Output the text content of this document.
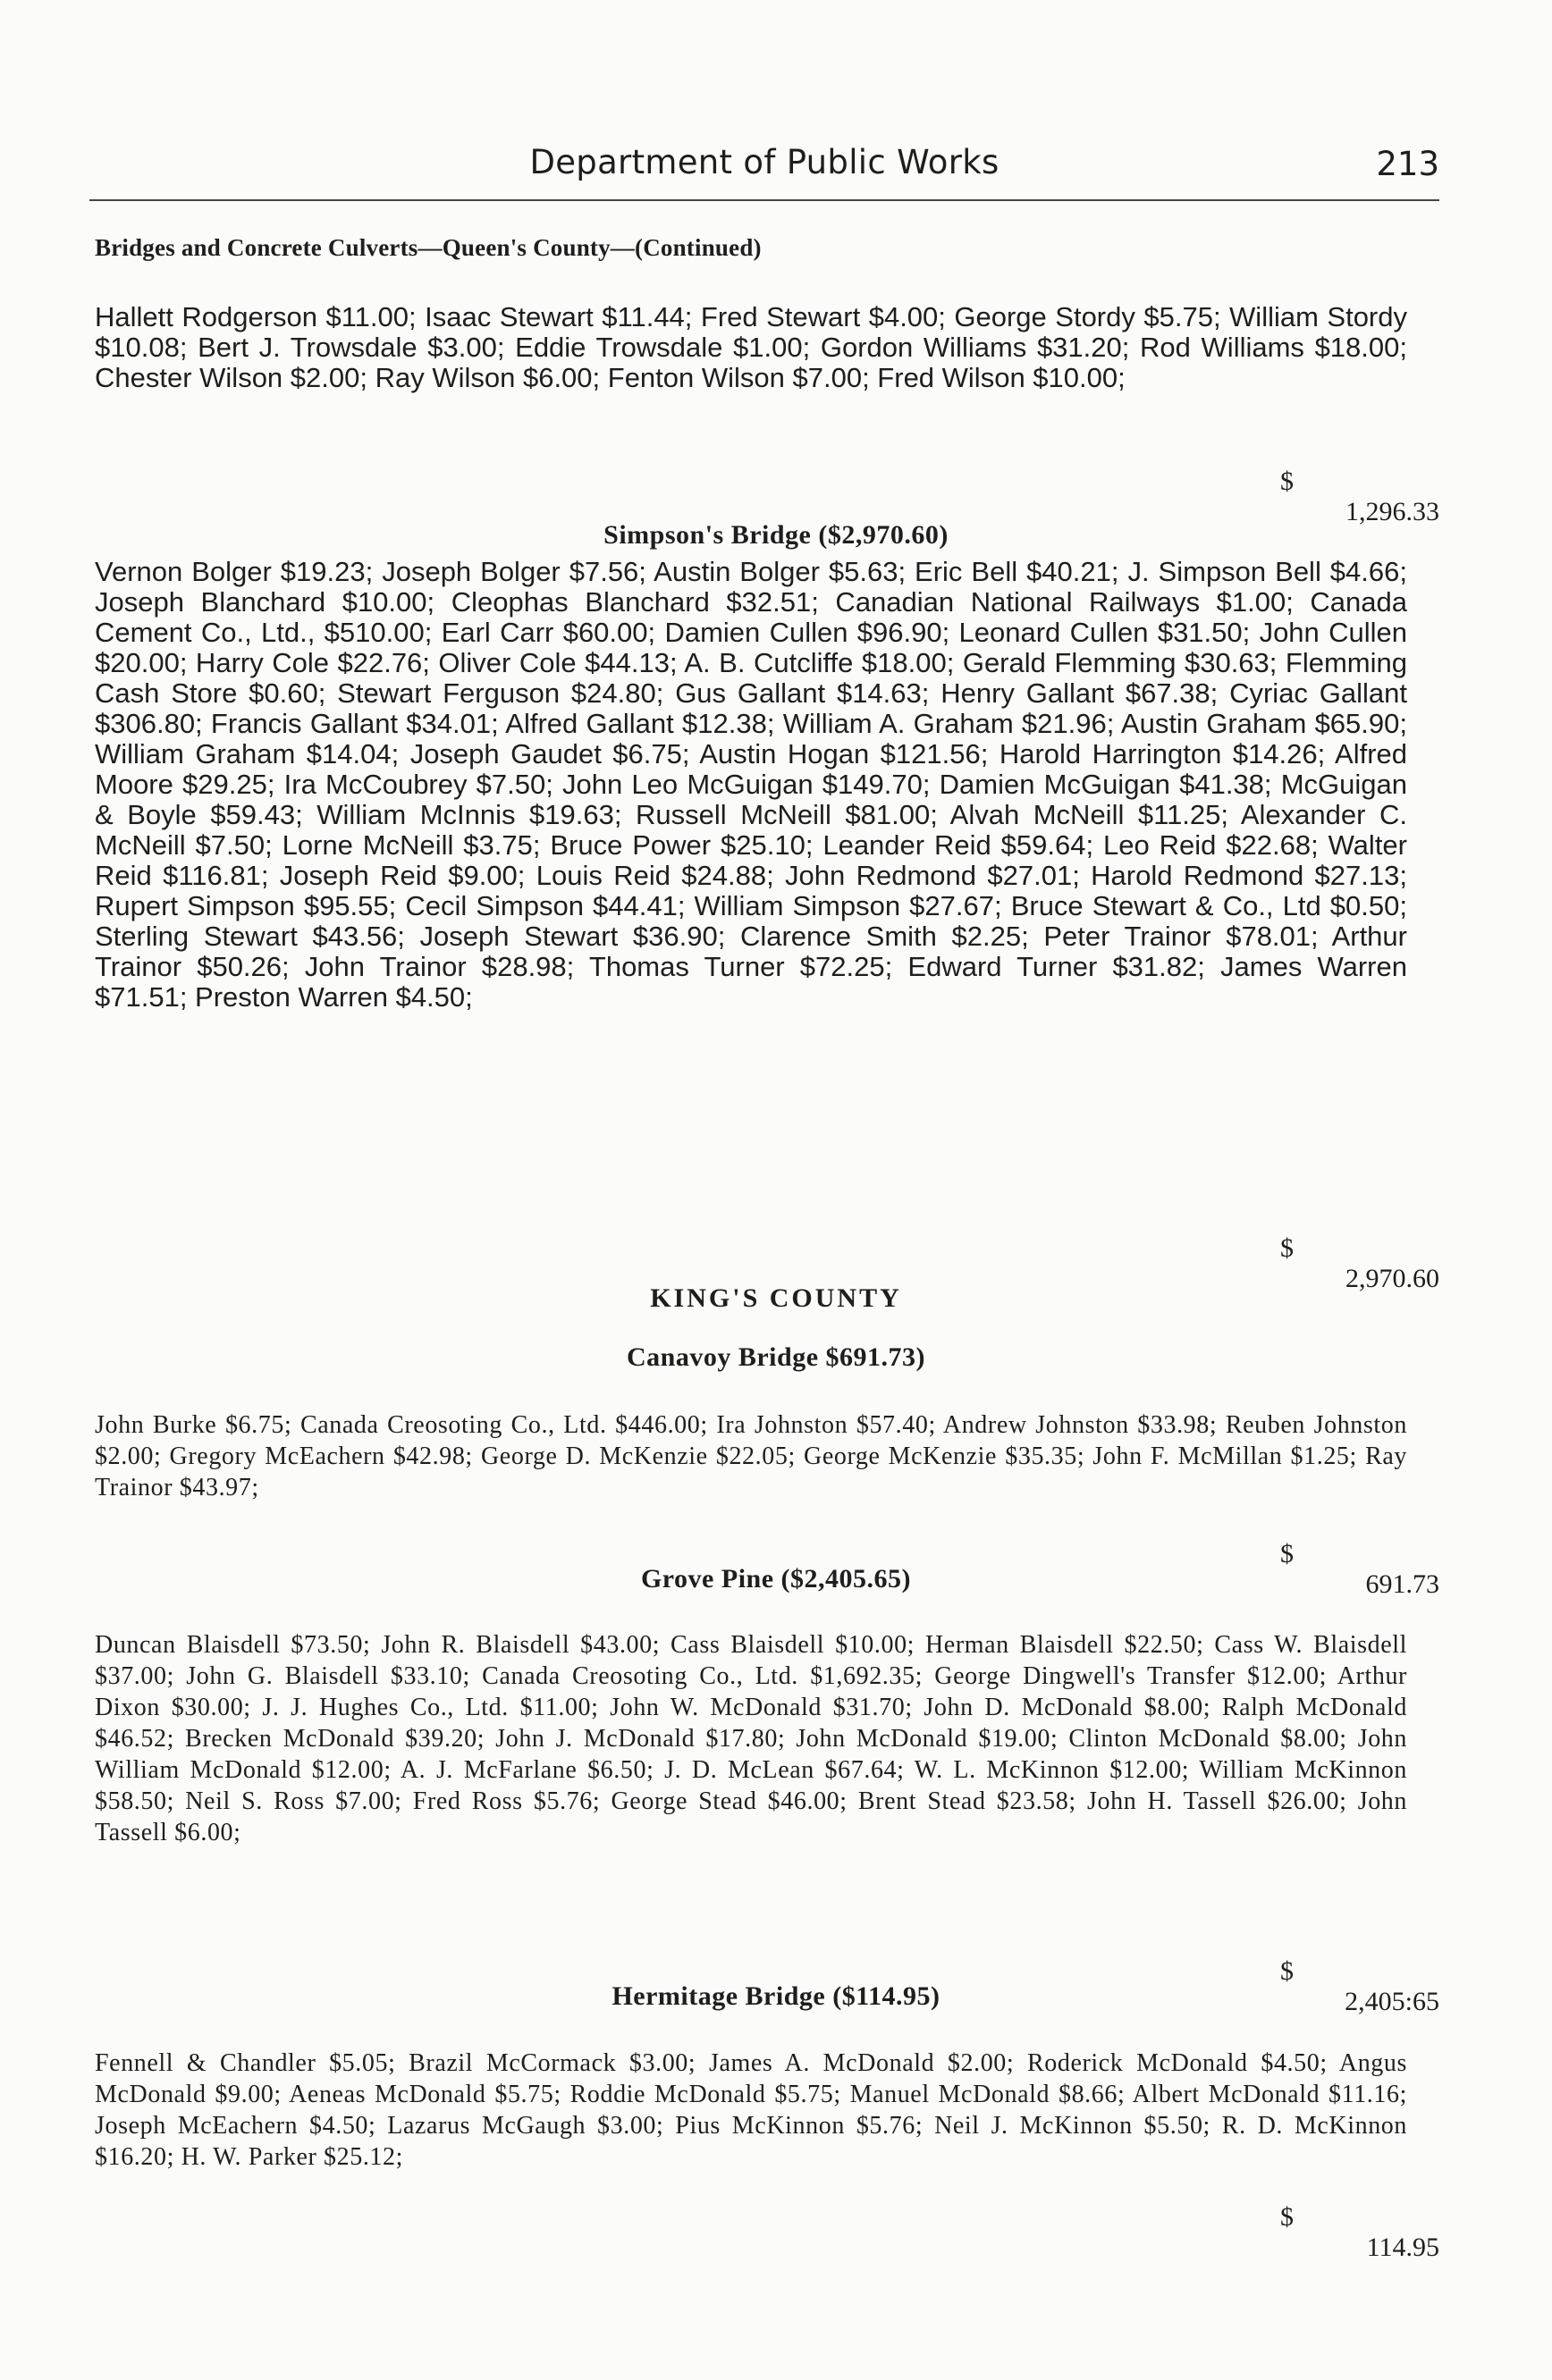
Department of Public Works	213
Bridges and Concrete Culverts—Queen's County—(Continued)
Hallett Rodgerson $11.00; Isaac Stewart $11.44; Fred Stewart $4.00; George Stordy $5.75; William Stordy $10.08; Bert J. Trowsdale $3.00; Eddie Trowsdale $1.00; Gordon Williams $31.20; Rod Williams $18.00; Chester Wilson $2.00; Ray Wilson $6.00; Fenton Wilson $7.00; Fred Wilson $10.00;

$

1,296.33

Simpson's Bridge ($2,970.60)
Vernon Bolger $19.23; Joseph Bolger $7.56; Austin Bolger $5.63; Eric Bell $40.21; J. Simpson Bell $4.66; Joseph Blanchard $10.00; Cleophas Blanchard $32.51; Canadian National Railways $1.00; Canada Cement Co., Ltd., $510.00; Earl Carr $60.00; Damien Cullen $96.90; Leonard Cullen $31.50; John Cullen $20.00; Harry Cole $22.76; Oliver Cole $44.13; A. B. Cutcliffe $18.00; Gerald Flemming $30.63; Flemming Cash Store $0.60; Stewart Ferguson $24.80; Gus Gallant $14.63; Henry Gallant $67.38; Cyriac Gallant $306.80; Francis Gallant $34.01; Alfred Gallant $12.38; William A. Graham $21.96; Austin Graham $65.90; William Graham $14.04; Joseph Gaudet $6.75; Austin Hogan $121.56; Harold Harrington $14.26; Alfred Moore $29.25; Ira McCoubrey $7.50; John Leo McGuigan $149.70; Damien McGuigan $41.38; McGuigan & Boyle $59.43; William McInnis $19.63; Russell McNeill $81.00; Alvah McNeill $11.25; Alexander C. McNeill $7.50; Lorne McNeill $3.75; Bruce Power $25.10; Leander Reid $59.64; Leo Reid $22.68; Walter Reid $116.81; Joseph Reid $9.00; Louis Reid $24.88; John Redmond $27.01; Harold Redmond $27.13; Rupert Simpson $95.55; Cecil Simpson $44.41; William Simpson $27.67; Bruce Stewart & Co., Ltd $0.50; Sterling Stewart $43.56; Joseph Stewart $36.90; Clarence Smith $2.25; Peter Trainor $78.01; Arthur Trainor $50.26; John Trainor $28.98; Thomas Turner $72.25; Edward Turner $31.82; James Warren $71.51; Preston Warren $4.50;

$

2,970.60

KING'S COUNTY
Canavoy Bridge $691.73)
John Burke $6.75; Canada Creosoting Co., Ltd. $446.00; Ira Johnston $57.40; Andrew Johnston $33.98; Reuben Johnston $2.00; Gregory McEachern $42.98; George D. McKenzie $22.05; George McKenzie $35.35; John F. McMillan $1.25; Ray Trainor $43.97;

$

691.73

Grove Pine ($2,405.65)
Duncan Blaisdell $73.50; John R. Blaisdell $43.00; Cass Blaisdell $10.00; Herman Blaisdell $22.50; Cass W. Blaisdell $37.00; John G. Blaisdell $33.10; Canada Creosoting Co., Ltd. $1,692.35; George Dingwell's Transfer $12.00; Arthur Dixon $30.00; J. J. Hughes Co., Ltd. $11.00; John W. McDonald $31.70; John D. McDonald $8.00; Ralph McDonald $46.52; Brecken McDonald $39.20; John J. McDonald $17.80; John McDonald $19.00; Clinton McDonald $8.00; John William McDonald $12.00; A. J. McFarlane $6.50; J. D. McLean $67.64; W. L. McKinnon $12.00; William McKinnon $58.50; Neil S. Ross $7.00; Fred Ross $5.76; George Stead $46.00; Brent Stead $23.58; John H. Tassell $26.00; John Tassell $6.00;

$

2,405:65

Hermitage Bridge ($114.95)
Fennell & Chandler $5.05; Brazil McCormack $3.00; James A. McDonald $2.00; Roderick McDonald $4.50; Angus McDonald $9.00; Aeneas McDonald $5.75; Roddie McDonald $5.75; Manuel McDonald $8.66; Albert McDonald $11.16; Joseph McEachern $4.50; Lazarus McGaugh $3.00; Pius McKinnon $5.76; Neil J. McKinnon $5.50; R. D. McKinnon $16.20; H. W. Parker $25.12;

$

114.95
